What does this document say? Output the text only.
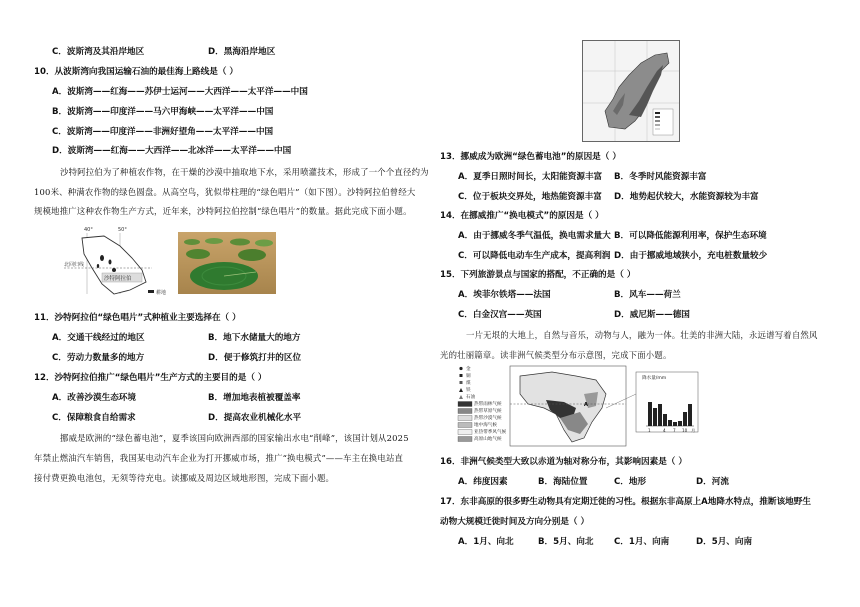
C．波斯湾及其沿岸地区	D．黑海沿岸地区
10．从波斯湾向我国运输石油的最佳海上路线是（ ）
A．波斯湾——红海——苏伊士运河——大西洋——太平洋——中国
B．波斯湾——印度洋——马六甲海峡——太平洋——中国
C．波斯湾——印度洋——非洲好望角——太平洋——中国
D．波斯湾——红海——大西洋——北冰洋——太平洋——中国
沙特阿拉伯为了种植农作物，在干燥的沙漠中抽取地下水，采用喷灌技术，形成了一个个直径约为
100米、种满农作物的绿色圆盘。从高空鸟，犹似带柱理的“绿色唱片”（如下图）。沙特阿拉伯曾经大
规模地推广这种农作物生产方式，近年来，沙特阿拉伯控制“绿色唱片”的数量。据此完成下面小题。
40°	50°
北回归线
沙特阿拉伯
耕地
11．沙特阿拉伯“绿色唱片”式种植业主要选择在（ ）
A．交通干线经过的地区	B．地下水储量大的地方
C．劳动力数量多的地方	D．便于修筑打井的区位
12．沙特阿拉伯推广“绿色唱片”生产方式的主要目的是（ ）
A．改善沙漠生态环境	B．增加地表植被覆盖率
C．保障粮食自给需求	D．提高农业机械化水平
挪威是欧洲的“绿色蓄电池”，夏季该国向欧洲西部的国家输出水电“削峰”，该国计划从2025
年禁止燃油汽车销售，我国某电动汽车企业为打开挪威市场，推广“换电模式”——车主在换电站直
接付费更换电池包，无须等待充电。读挪威及周边区域地形图，完成下面小题。
13．挪威成为欧洲“绿色蓄电池”的原因是（ ）
A．夏季日照时间长，太阳能资源丰富 B．冬季时风能资源丰富
C．位于板块交界处，地热能资源丰富 D．地势起伏较大，水能资源较为丰富
14．在挪威推广“换电模式”的原因是（ ）
A．由于挪威冬季气温低，换电需求量大 B．可以降低能源利用率，保护生态环境
C．可以降低电动车生产成本，提高利润 D．由于挪威地域狭小，充电桩数量较少
15．下列旅游景点与国家的搭配，不正确的是（ ）
A．埃菲尔铁塔——法国	B．风车——荷兰
C．白金汉宫——英国	D．威尼斯——德国
一片无垠的大地上，自然与音乐，动物与人，融为一体。壮美的非洲大陆，永远谱写着自然风
光的壮丽篇章。读非洲气候类型分布示意图，完成下面小题。
金
铜
煤
铁
石油
热带雨林气候
热带草原气候
热带沙漠气候
地中海气候
亚热带季风气候
高原山地气候
A
降水量/mm
1	4 7 10 月
16．非洲气候类型大致以赤道为轴对称分布，其影响因素是（ ）
A．纬度因素	B．海陆位置	C．地形	D．河流
17．东非高原的很多野生动物具有定期迁徙的习性。根据东非高原上A地降水特点，推断该地野生
动物大规模迁徙时间及方向分别是（ ）
A．1月、向北	B．5月、向北 C．1月、向南	D．5月、向南
